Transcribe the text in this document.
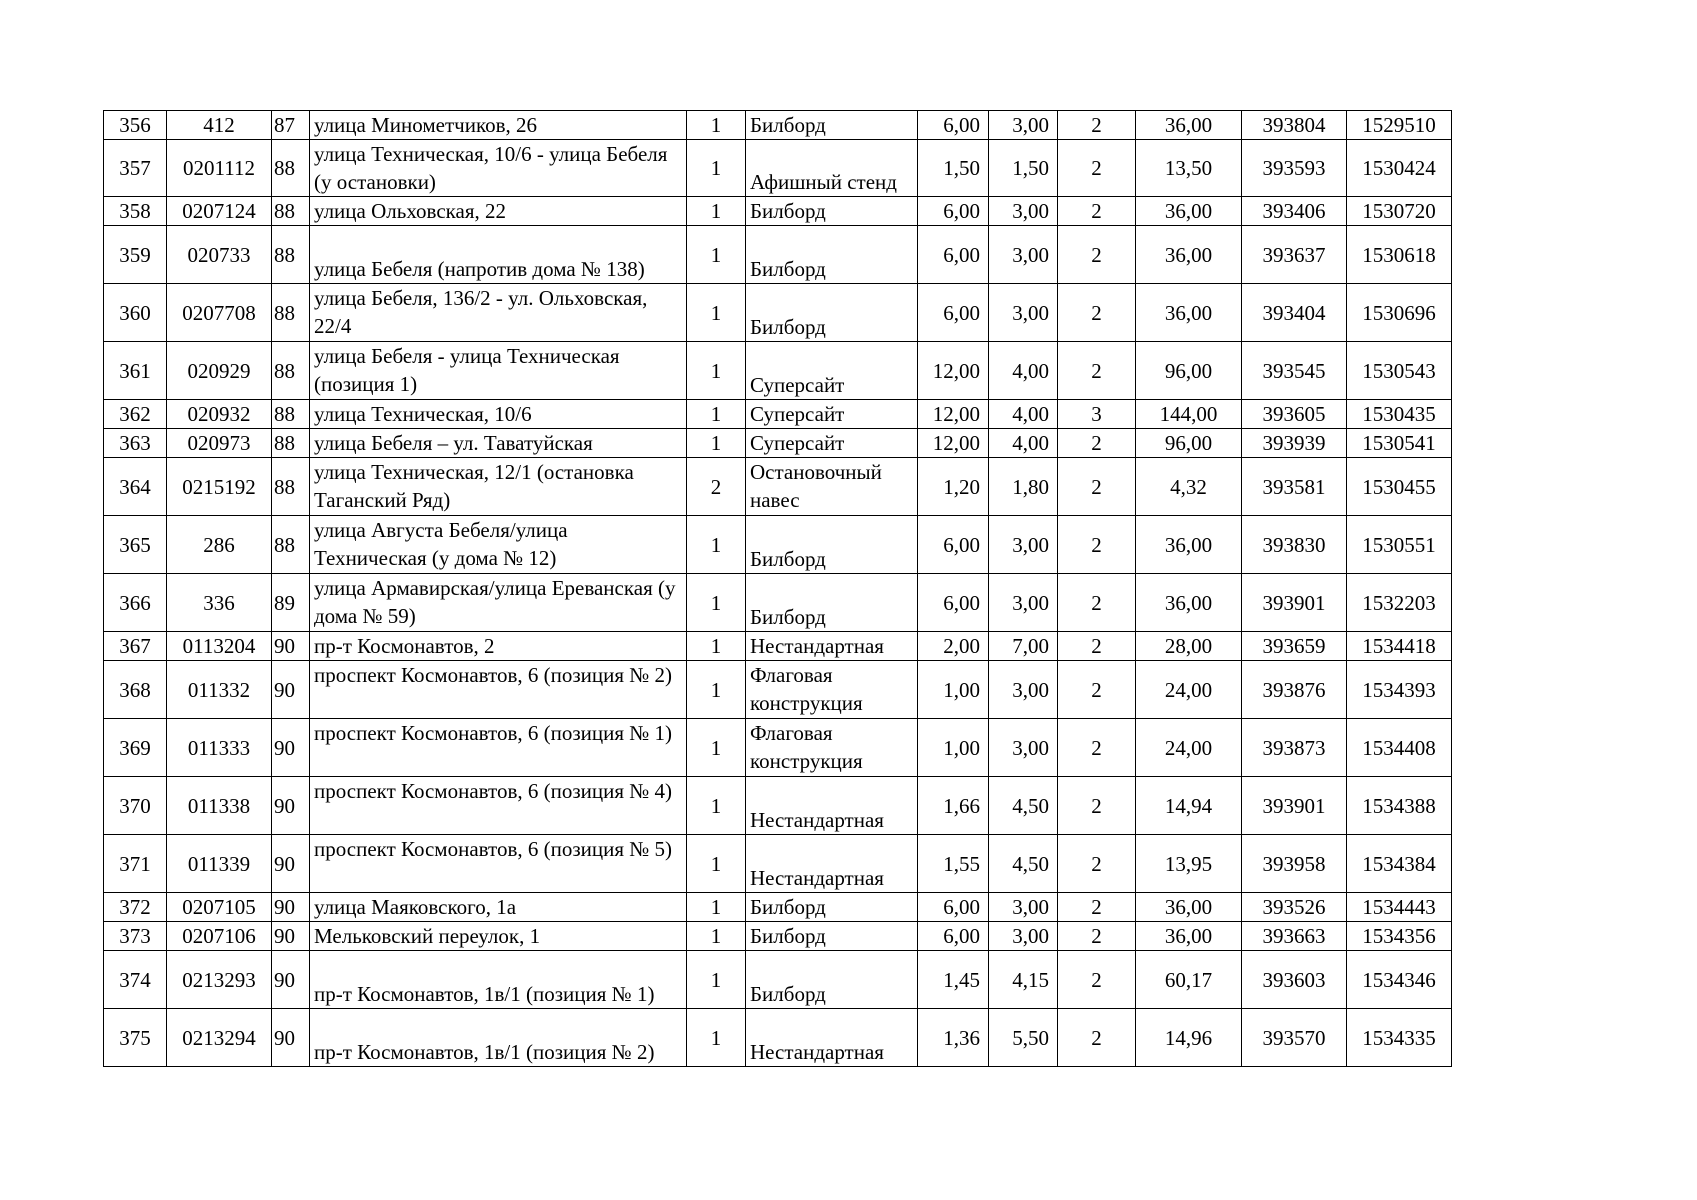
356	412	87	улица Минометчиков, 26	1	Билборд	6,00	3,00	2	36,00	393804	1529510
357	0201112	88	улица Техническая, 10/6 - улица Бебеля (у остановки)	1	Афишный стенд	1,50	1,50	2	13,50	393593	1530424
358	0207124	88	улица Ольховская, 22	1	Билборд	6,00	3,00	2	36,00	393406	1530720
359	020733	88	улица Бебеля (напротив дома № 138)	1	Билборд	6,00	3,00	2	36,00	393637	1530618
360	0207708	88	улица Бебеля, 136/2 - ул. Ольховская, 22/4	1	Билборд	6,00	3,00	2	36,00	393404	1530696
361	020929	88	улица Бебеля - улица Техническая (позиция 1)	1	Суперсайт	12,00	4,00	2	96,00	393545	1530543
362	020932	88	улица Техническая, 10/6	1	Суперсайт	12,00	4,00	3	144,00	393605	1530435
363	020973	88	улица Бебеля – ул. Таватуйская	1	Суперсайт	12,00	4,00	2	96,00	393939	1530541
364	0215192	88	улица Техническая, 12/1 (остановка Таганский Ряд)	2	Остановочный навес	1,20	1,80	2	4,32	393581	1530455
365	286	88	улица Августа Бебеля/улица Техническая (у дома № 12)	1	Билборд	6,00	3,00	2	36,00	393830	1530551
366	336	89	улица Армавирская/улица Ереванская (у дома № 59)	1	Билборд	6,00	3,00	2	36,00	393901	1532203
367	0113204	90	пр-т Космонавтов, 2	1	Нестандартная	2,00	7,00	2	28,00	393659	1534418
368	011332	90	проспект Космонавтов, 6 (позиция № 2)	1	Флаговая конструкция	1,00	3,00	2	24,00	393876	1534393
369	011333	90	проспект Космонавтов, 6 (позиция № 1)	1	Флаговая конструкция	1,00	3,00	2	24,00	393873	1534408
370	011338	90	проспект Космонавтов, 6 (позиция № 4)	1	Нестандартная	1,66	4,50	2	14,94	393901	1534388
371	011339	90	проспект Космонавтов, 6 (позиция № 5)	1	Нестандартная	1,55	4,50	2	13,95	393958	1534384
372	0207105	90	улица Маяковского, 1а	1	Билборд	6,00	3,00	2	36,00	393526	1534443
373	0207106	90	Мельковский переулок, 1	1	Билборд	6,00	3,00	2	36,00	393663	1534356
374	0213293	90	пр-т Космонавтов, 1в/1 (позиция № 1)	1	Билборд	1,45	4,15	2	60,17	393603	1534346
375	0213294	90	пр-т Космонавтов, 1в/1 (позиция № 2)	1	Нестандартная	1,36	5,50	2	14,96	393570	1534335
